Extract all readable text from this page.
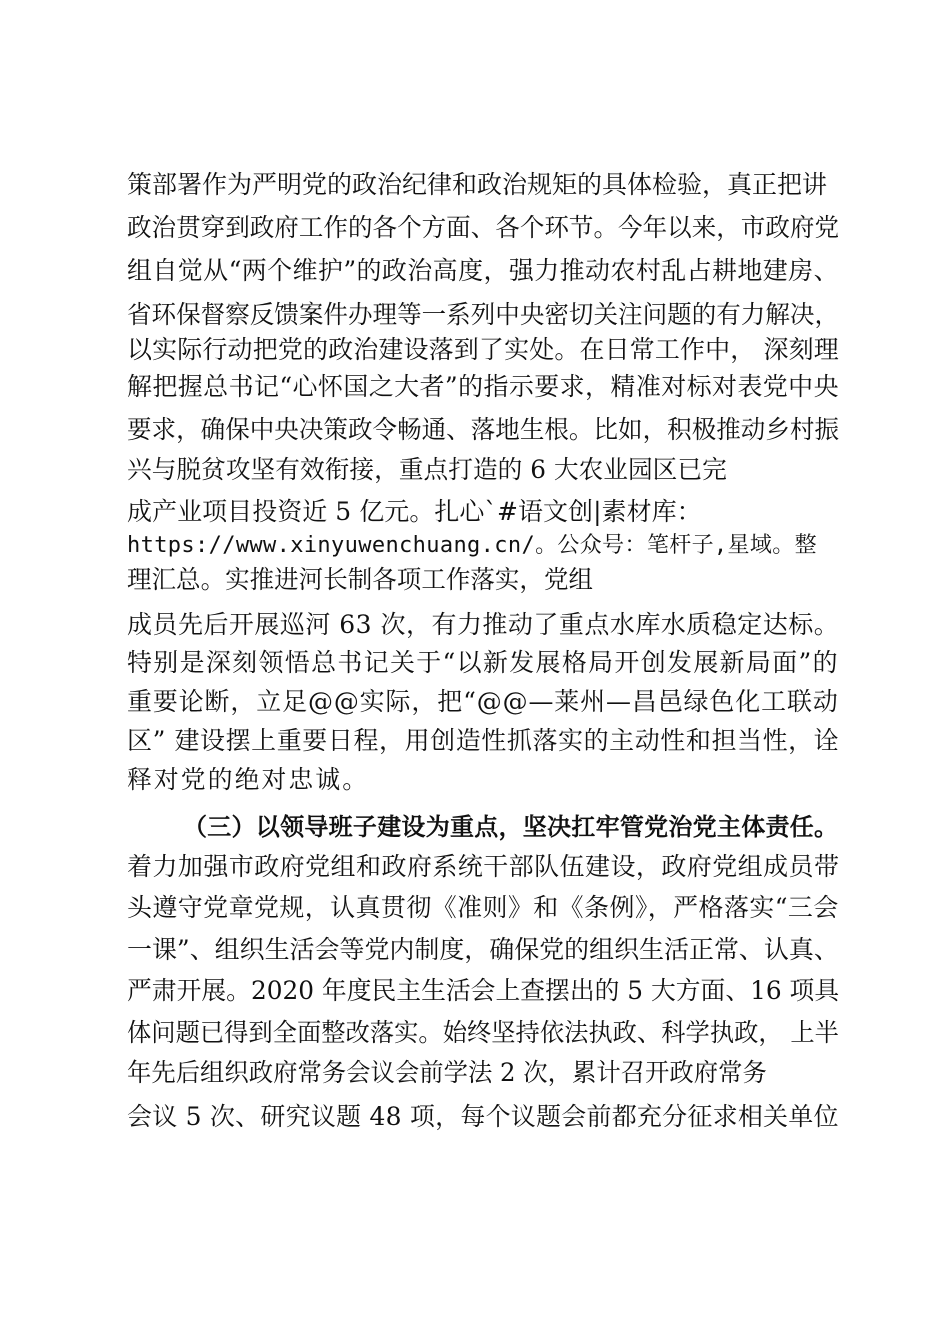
策部署作为严明党的政治纪律和政治规矩的具体检验，真正把讲
政治贯穿到政府工作的各个方面、各个环节。今年以来，市政府党
组自觉从“两个维护”的政治高度，强力推动农村乱占耕地建房、
省环保督察反馈案件办理等一系列中央密切关注问题的有力解决，
以实际行动把党的政治建设落到了实处。在日常工作中， 深刻理
解把握总书记“心怀国之大者”的指示要求，精准对标对表党中央
要求，确保中央决策政令畅通、落地生根。比如，积极推动乡村振
兴与脱贫攻坚有效衔接，重点打造的 6 大农业园区已完
成产业项目投资近 5 亿元。扎心`#语文创|素材库：
https://www.xinyuwenchuang.cn/。公众号：笔杆子,星域。整
理汇总。实推进河长制各项工作落实，党组
成员先后开展巡河 63 次，有力推动了重点水库水质稳定达标。
特别是深刻领悟总书记关于“以新发展格局开创发展新局面”的
重要论断，立足@@实际，把“@@—莱州—昌邑绿色化工联动
区” 建设摆上重要日程，用创造性抓落实的主动性和担当性，诠
释对党的绝对忠诚。
（三）以领导班子建设为重点，坚决扛牢管党治党主体责任。
着力加强市政府党组和政府系统干部队伍建设，政府党组成员带
头遵守党章党规，认真贯彻《准则》和《条例》，严格落实“三会
一课”、组织生活会等党内制度，确保党的组织生活正常、认真、
严肃开展。2020 年度民主生活会上查摆出的 5 大方面、16 项具
体问题已得到全面整改落实。始终坚持依法执政、科学执政， 上半
年先后组织政府常务会议会前学法 2 次，累计召开政府常务
会议 5 次、研究议题 48 项，每个议题会前都充分征求相关单位
